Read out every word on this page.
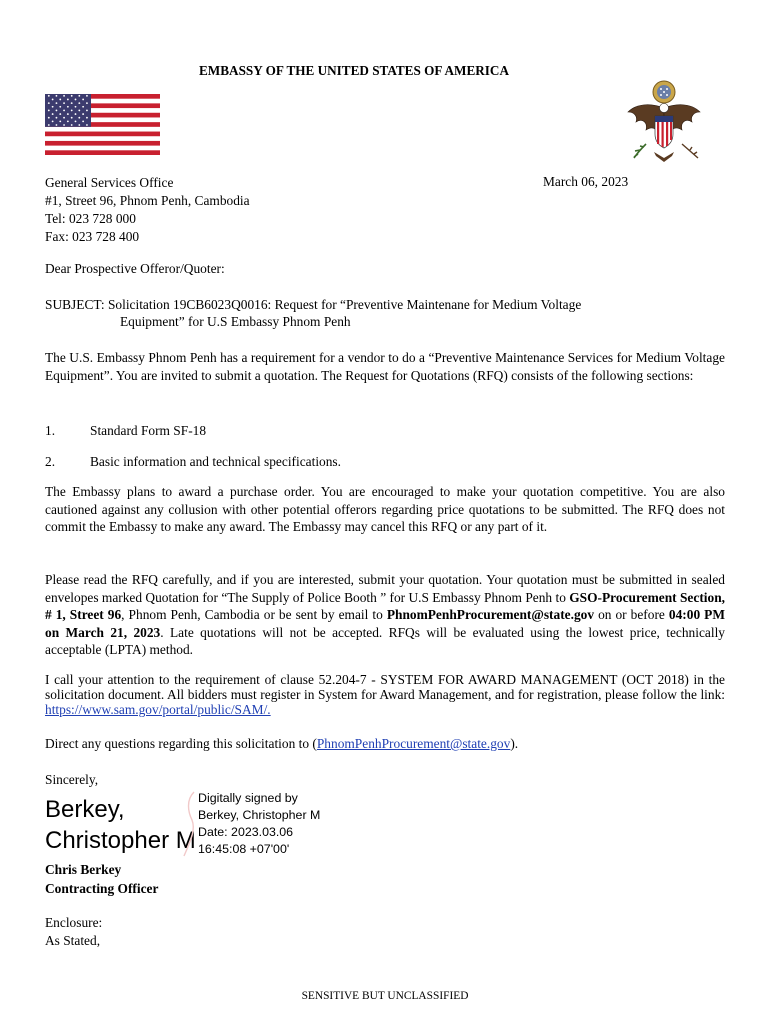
EMBASSY OF THE UNITED STATES OF AMERICA
General Services Office
#1, Street 96, Phnom Penh, Cambodia
Tel: 023 728 000
Fax: 023 728 400
March 06, 2023
Dear Prospective Offeror/Quoter:
SUBJECT: Solicitation 19CB6023Q0016: Request for “Preventive Maintenane for Medium Voltage
Equipment” for U.S Embassy Phnom Penh
The U.S. Embassy Phnom Penh has a requirement for a vendor to do a “Preventive Maintenance Services for Medium Voltage Equipment”. You are invited to submit a quotation. The Request for Quotations (RFQ) consists of the following sections:
1.	Standard Form SF-18
2.	Basic information and technical specifications.
The Embassy plans to award a purchase order. You are encouraged to make your quotation competitive. You are also cautioned against any collusion with other potential offerors regarding price quotations to be submitted. The RFQ does not commit the Embassy to make any award. The Embassy may cancel this RFQ or any part of it.
Please read the RFQ carefully, and if you are interested, submit your quotation. Your quotation must be submitted in sealed envelopes marked Quotation for “The Supply of Police Booth ” for U.S Embassy Phnom Penh to GSO-Procurement Section, # 1, Street 96, Phnom Penh, Cambodia or be sent by email to PhnomPenhProcurement@state.gov on or before 04:00 PM on March 21, 2023. Late quotations will not be accepted. RFQs will be evaluated using the lowest price, technically acceptable (LPTA) method.
I call your attention to the requirement of clause 52.204-7 - SYSTEM FOR AWARD MANAGEMENT (OCT 2018) in the solicitation document. All bidders must register in System for Award Management, and for registration, please follow the link: https://www.sam.gov/portal/public/SAM/.
Direct any questions regarding this solicitation to (PhnomPenhProcurement@state.gov).
Sincerely,
Berkey,
Christopher M
Digitally signed by
Berkey, Christopher M
Date: 2023.03.06
16:45:08 +07'00'
Chris Berkey
Contracting Officer
Enclosure:
As Stated,
SENSITIVE BUT UNCLASSIFIED
